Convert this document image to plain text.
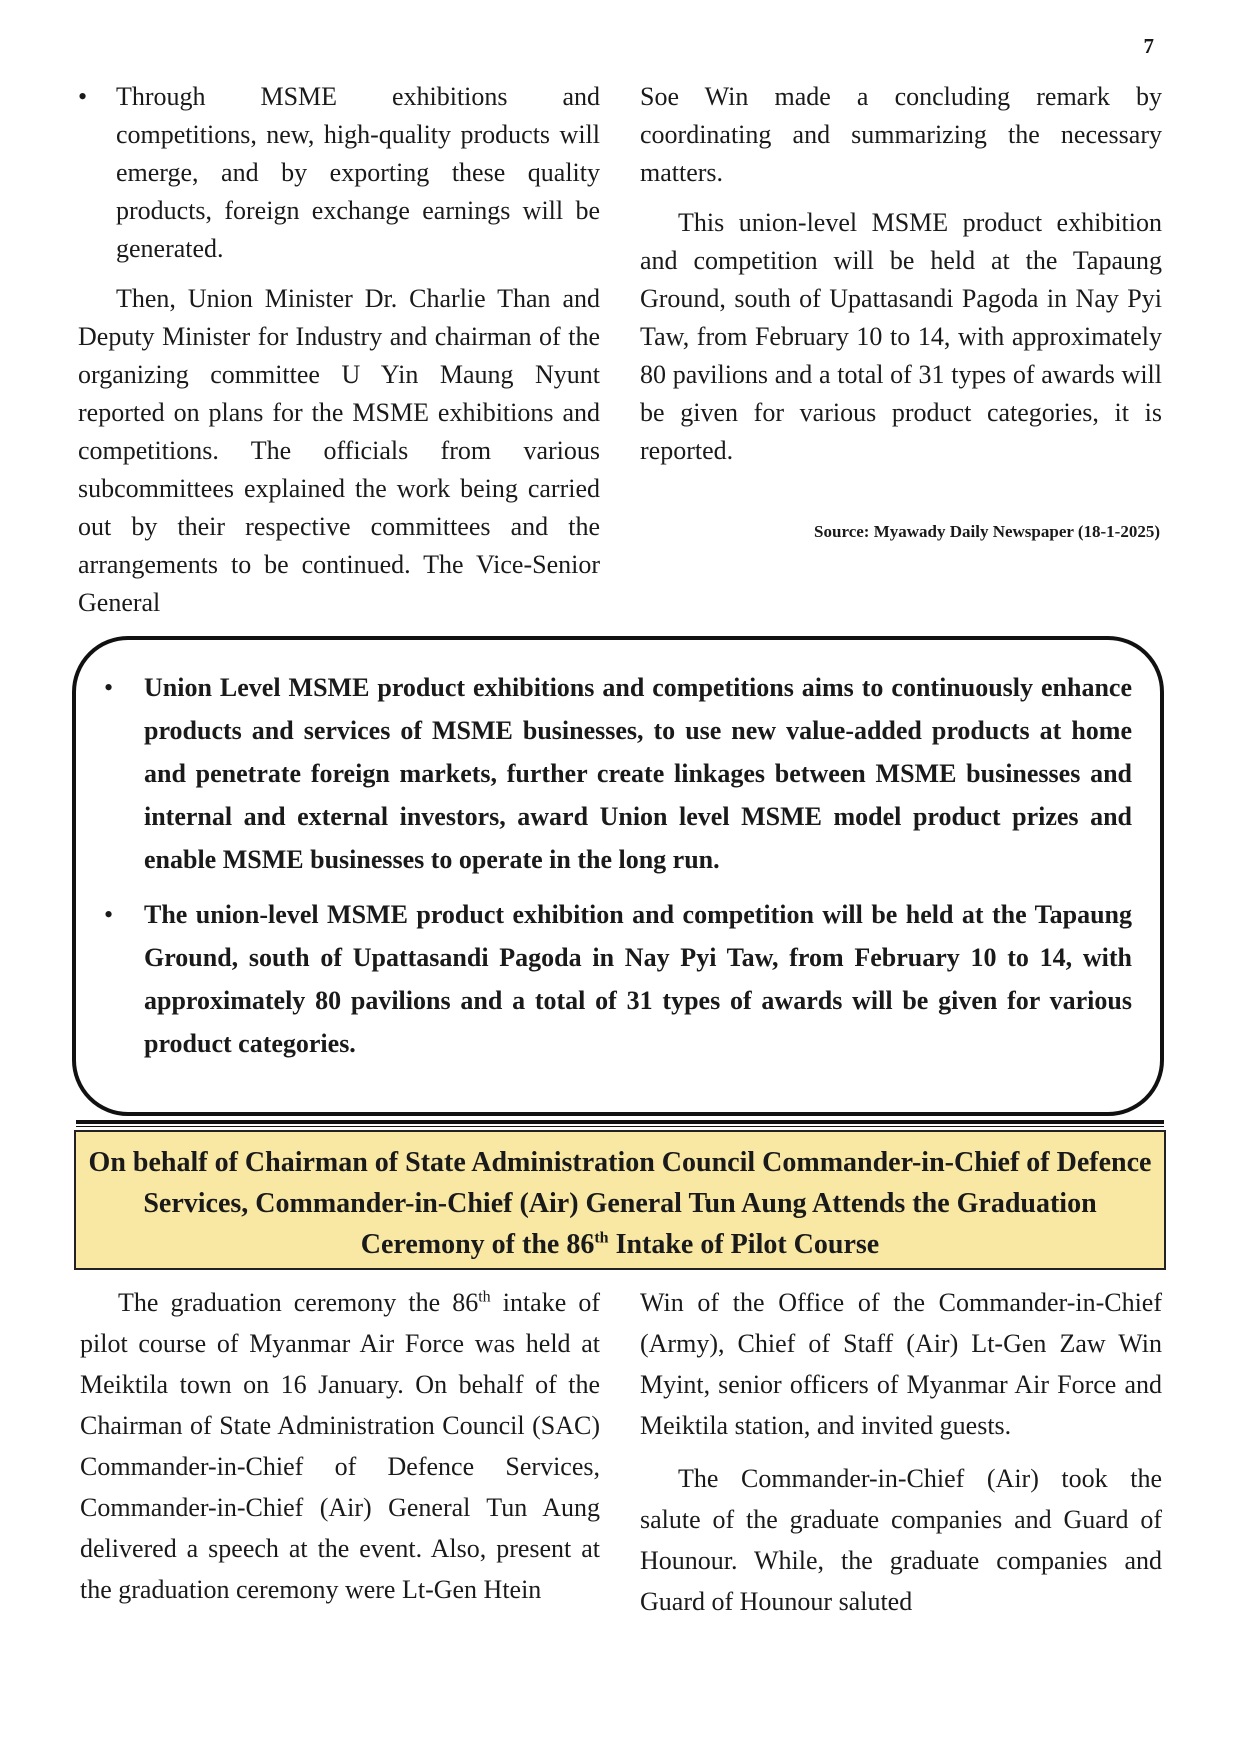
7

• Through MSME exhibitions and competitions, new, high-quality products will emerge, and by exporting these quality products, foreign exchange earnings will be generated.

Then, Union Minister Dr. Charlie Than and Deputy Minister for Industry and chairman of the organizing committee U Yin Maung Nyunt reported on plans for the MSME exhibitions and competitions. The officials from various subcommittees explained the work being carried out by their respective committees and the arrangements to be continued. The Vice-Senior General

Soe Win made a concluding remark by coordinating and summarizing the necessary matters.

This union-level MSME product exhibition and competition will be held at the Tapaung Ground, south of Upattasandi Pagoda in Nay Pyi Taw, from February 10 to 14, with approximately 80 pavilions and a total of 31 types of awards will be given for various product categories, it is reported.

Source: Myawady Daily Newspaper (18-1-2025)
• Union Level MSME product exhibitions and competitions aims to continuously enhance products and services of MSME businesses, to use new value-added products at home and penetrate foreign markets, further create linkages between MSME businesses and internal and external investors, award Union level MSME model product prizes and enable MSME businesses to operate in the long run.
• The union-level MSME product exhibition and competition will be held at the Tapaung Ground, south of Upattasandi Pagoda in Nay Pyi Taw, from February 10 to 14, with approximately 80 pavilions and a total of 31 types of awards will be given for various product categories.
On behalf of Chairman of State Administration Council Commander-in-Chief of Defence Services, Commander-in-Chief (Air) General Tun Aung Attends the Graduation Ceremony of the 86th Intake of Pilot Course

The graduation ceremony the 86th intake of pilot course of Myanmar Air Force was held at Meiktila town on 16 January. On behalf of the Chairman of State Administration Council (SAC) Commander-in-Chief of Defence Services, Commander-in-Chief (Air) General Tun Aung delivered a speech at the event. Also, present at the graduation ceremony were Lt-Gen Htein

Win of the Office of the Commander-in-Chief (Army), Chief of Staff (Air) Lt-Gen Zaw Win Myint, senior officers of Myanmar Air Force and Meiktila station, and invited guests.

The Commander-in-Chief (Air) took the salute of the graduate companies and Guard of Hounour. While, the graduate companies and Guard of Hounour saluted
